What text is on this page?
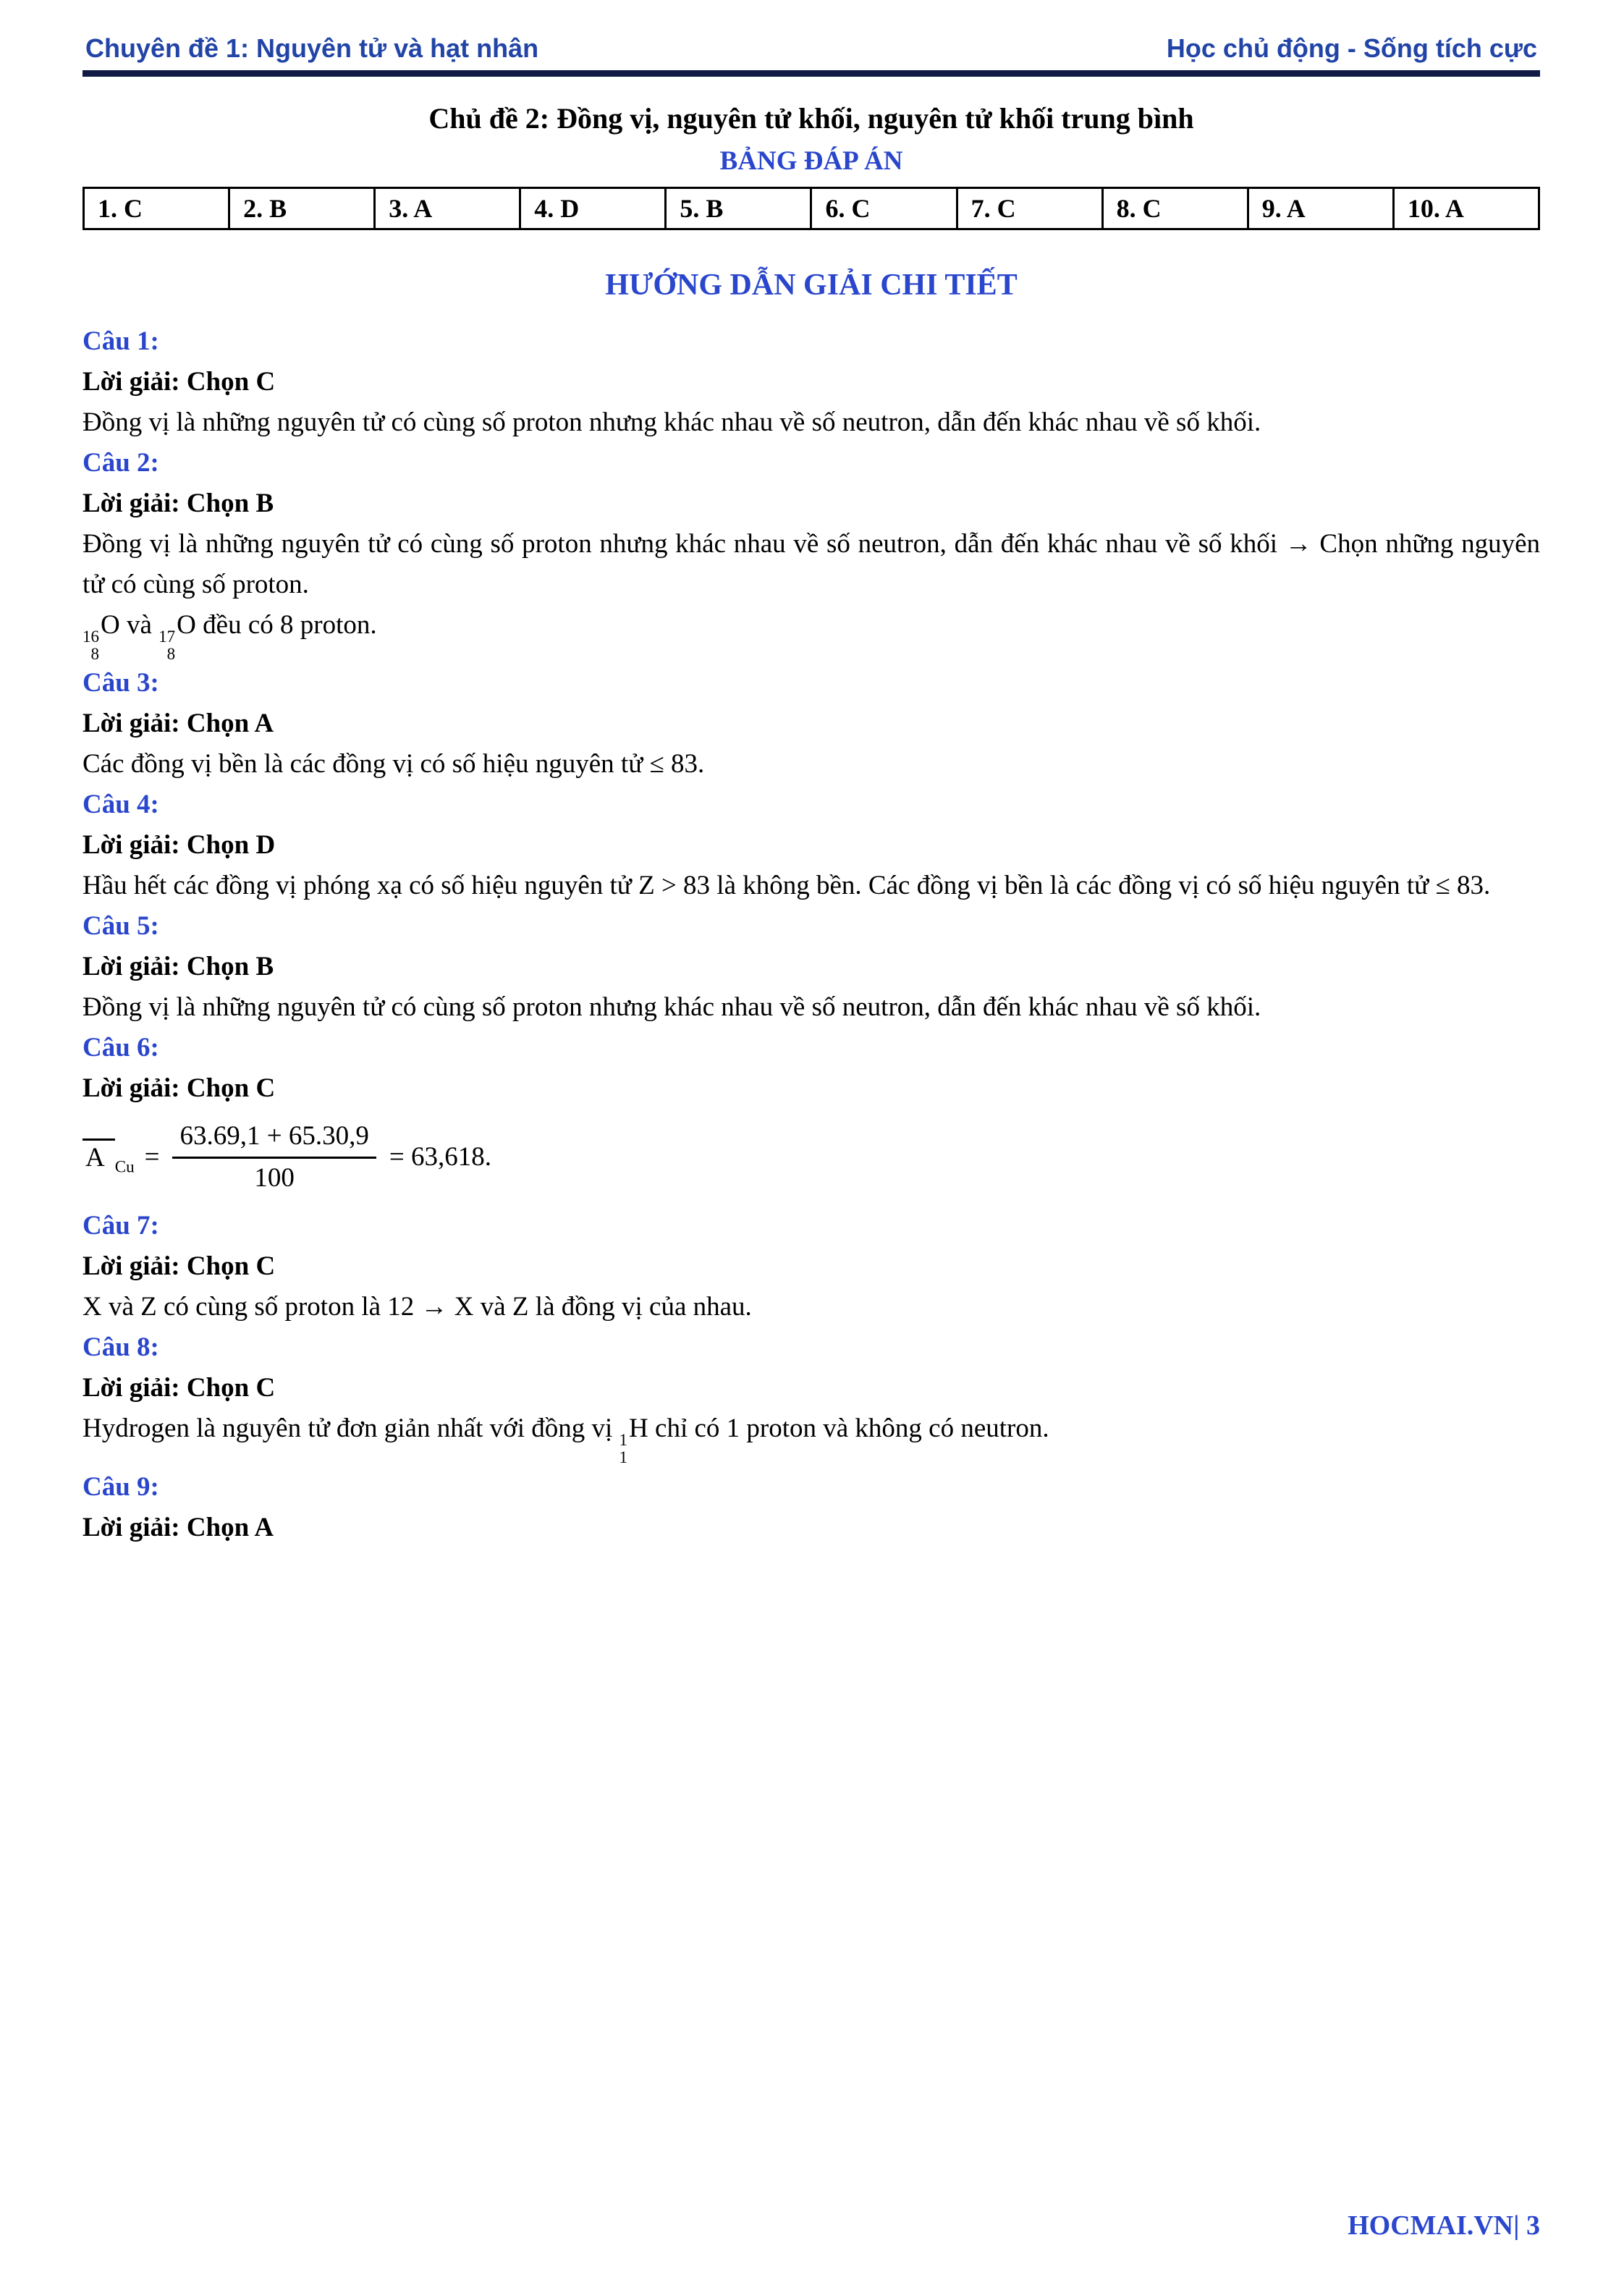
Chuyên đề 1: Nguyên tử và hạt nhân	Học chủ động - Sống tích cực
Chủ đề 2: Đồng vị, nguyên tử khối, nguyên tử khối trung bình
BẢNG ĐÁP ÁN
1. C	2. B	3. A	4. D	5. B	6. C	7. C	8. C	9. A	10. A
HƯỚNG DẪN GIẢI CHI TIẾT
Câu 1:
Lời giải: Chọn C

Đồng vị là những nguyên tử có cùng số proton nhưng khác nhau về số neutron, dẫn đến khác nhau về số khối.

Câu 2:
Lời giải: Chọn B

Đồng vị là những nguyên tử có cùng số proton nhưng khác nhau về số neutron, dẫn đến khác nhau về số khối → Chọn những nguyên tử có cùng số proton.

16
8
O và 17
8
O đều có 8 proton.

Câu 3:
Lời giải: Chọn A

Các đồng vị bền là các đồng vị có số hiệu nguyên tử ≤ 83.

Câu 4:
Lời giải: Chọn D

Hầu hết các đồng vị phóng xạ có số hiệu nguyên tử Z > 83 là không bền. Các đồng vị bền là các đồng vị có số hiệu nguyên tử ≤ 83.

Câu 5:
Lời giải: Chọn B

Đồng vị là những nguyên tử có cùng số proton nhưng khác nhau về số neutron, dẫn đến khác nhau về số khối.

Câu 6:
Lời giải: Chọn C
A $_{Cu} = \frac{63.69,1 + 65.30,9}{100} = 63,618$.
Câu 7:
Lời giải: Chọn C

X và Z có cùng số proton là 12 → X và Z là đồng vị của nhau.

Câu 8:
Lời giải: Chọn C

Hydrogen là nguyên tử đơn giản nhất với đồng vị 1
1
H chỉ có 1 proton và không có neutron.

Câu 9:
Lời giải: Chọn A
HOCMAI.VN| 3
